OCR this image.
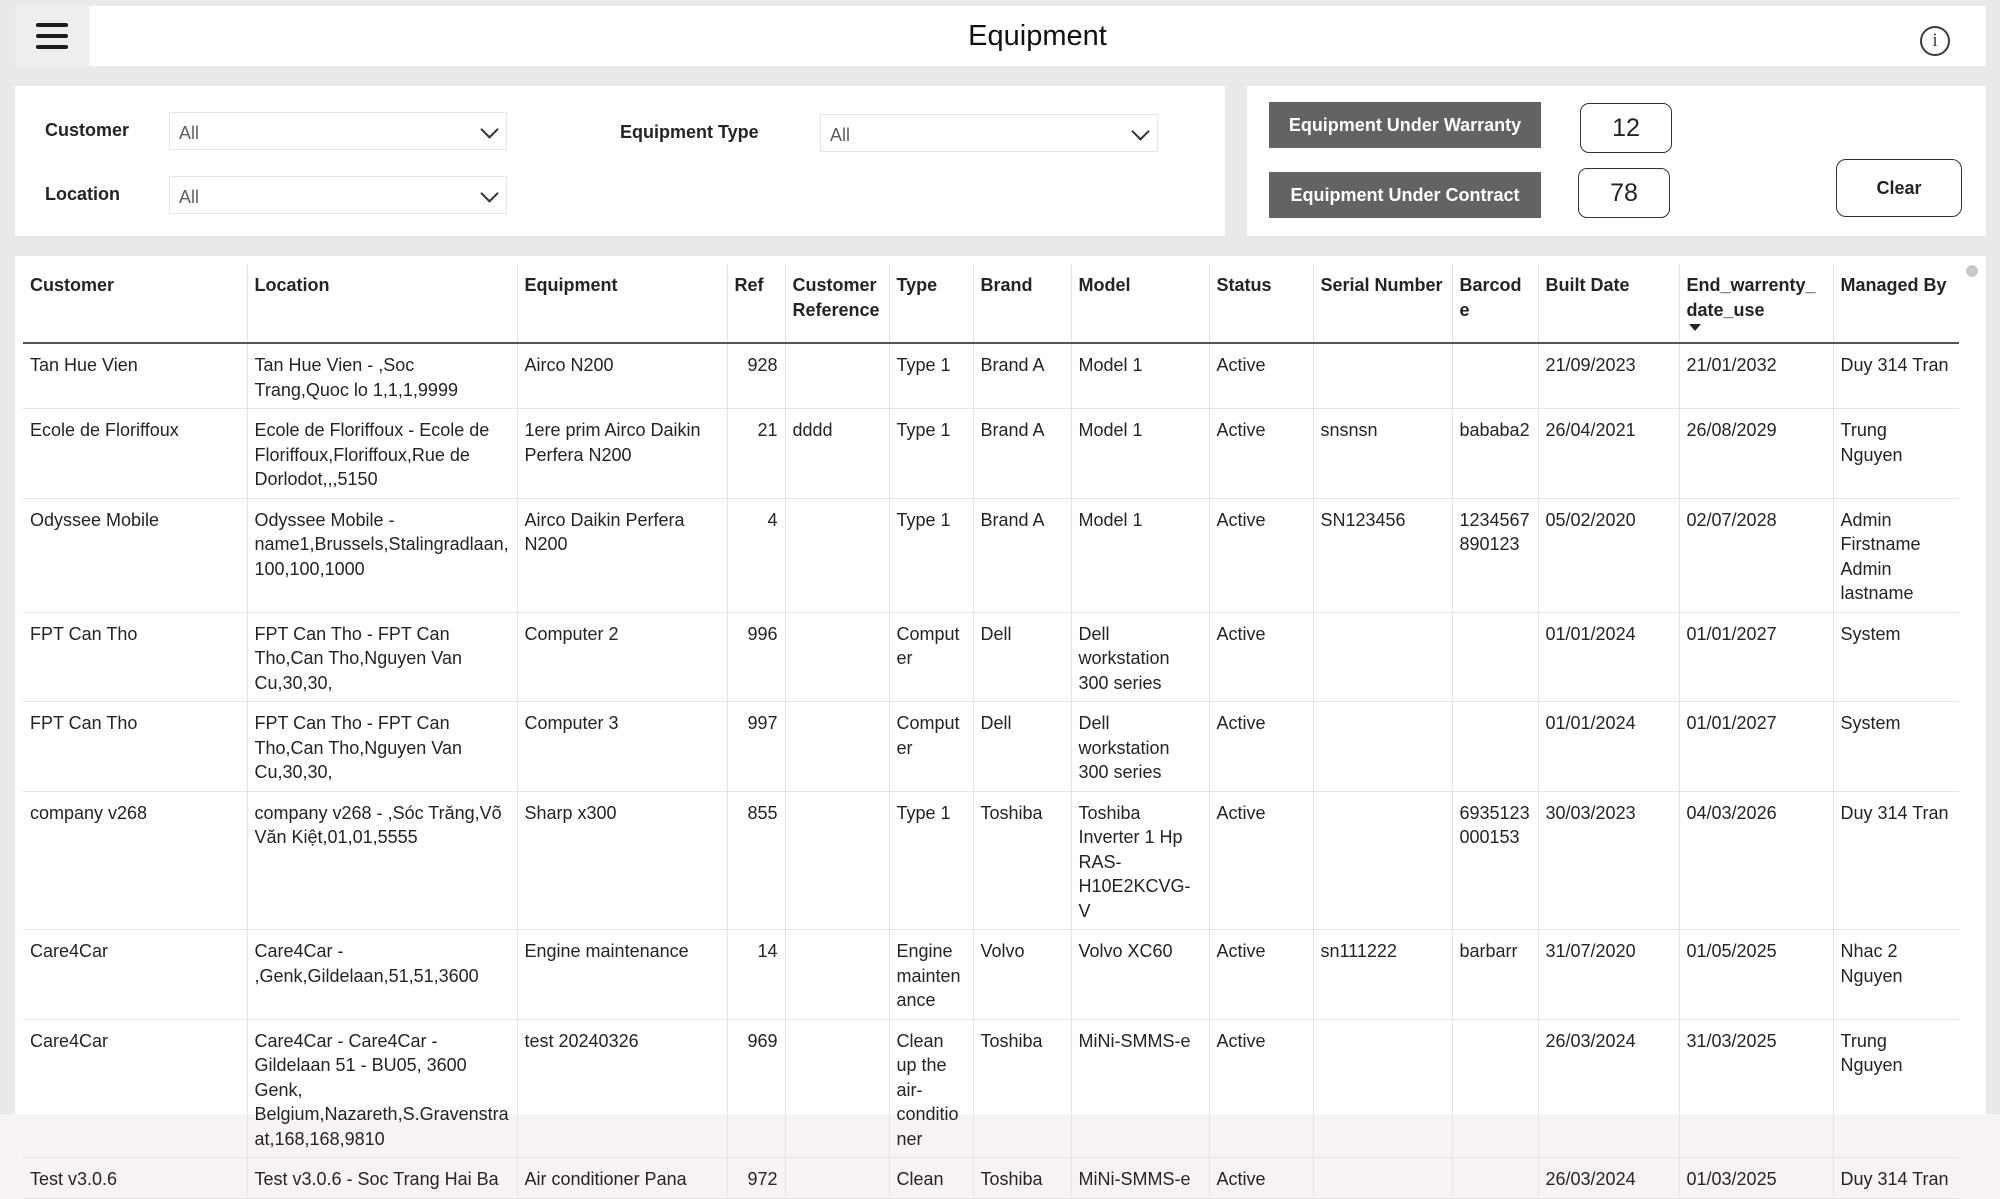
Equipment	i
Customer	All
Location	All
Equipment Type	All
Equipment Under Warranty	12
Equipment Under Contract	78	Clear
Customer	Location	Equipment	Ref	Customer Reference	Type	Brand	Model	Status	Serial Number	Barcode	Built Date	End_warrenty_date_use	Managed By
Tan Hue Vien	Tan Hue Vien - ,Soc Trang,Quoc lo 1,1,1,9999	Airco N200	928		Type 1	Brand A	Model 1	Active			21/09/2023	21/01/2032	Duy 314 Tran
Ecole de Floriffoux	Ecole de Floriffoux - Ecole de Floriffoux,Floriffoux,Rue de Dorlodot,,,5150	1ere prim Airco Daikin Perfera N200	21	dddd	Type 1	Brand A	Model 1	Active	snsnsn	bababa2	26/04/2021	26/08/2029	Trung Nguyen
Odyssee Mobile	Odyssee Mobile - name1,Brussels,Stalingradlaan,100,100,1000	Airco Daikin Perfera N200	4		Type 1	Brand A	Model 1	Active	SN123456	1234567890123	05/02/2020	02/07/2028	Admin Firstname Admin lastname
FPT Can Tho	FPT Can Tho - FPT Can Tho,Can Tho,Nguyen Van Cu,30,30,	Computer 2	996		Computer	Dell	Dell workstation 300 series	Active			01/01/2024	01/01/2027	System
FPT Can Tho	FPT Can Tho - FPT Can Tho,Can Tho,Nguyen Van Cu,30,30,	Computer 3	997		Computer	Dell	Dell workstation 300 series	Active			01/01/2024	01/01/2027	System
company v268	company v268 - ,Sóc Trăng,Võ Văn Kiệt,01,01,5555	Sharp x300	855		Type 1	Toshiba	Toshiba Inverter 1 Hp RAS-H10E2KCVG-V	Active		6935123000153	30/03/2023	04/03/2026	Duy 314 Tran
Care4Car	Care4Car - ,Genk,Gildelaan,51,51,3600	Engine maintenance	14		Engine maintenance	Volvo	Volvo XC60	Active	sn111222	barbarr	31/07/2020	01/05/2025	Nhac 2 Nguyen
Care4Car	Care4Car - Care4Car - Gildelaan 51 - BU05, 3600 Genk, Belgium,Nazareth,S.Gravenstraat,168,168,9810	test 20240326	969		Clean up the air-conditioner	Toshiba	MiNi-SMMS-e	Active			26/03/2024	31/03/2025	Trung Nguyen
Test v3.0.6	Test v3.0.6 - Soc Trang Hai Ba	Air conditioner Pana	972		Clean	Toshiba	MiNi-SMMS-e	Active			26/03/2024	01/03/2025	Duy 314 Tran
